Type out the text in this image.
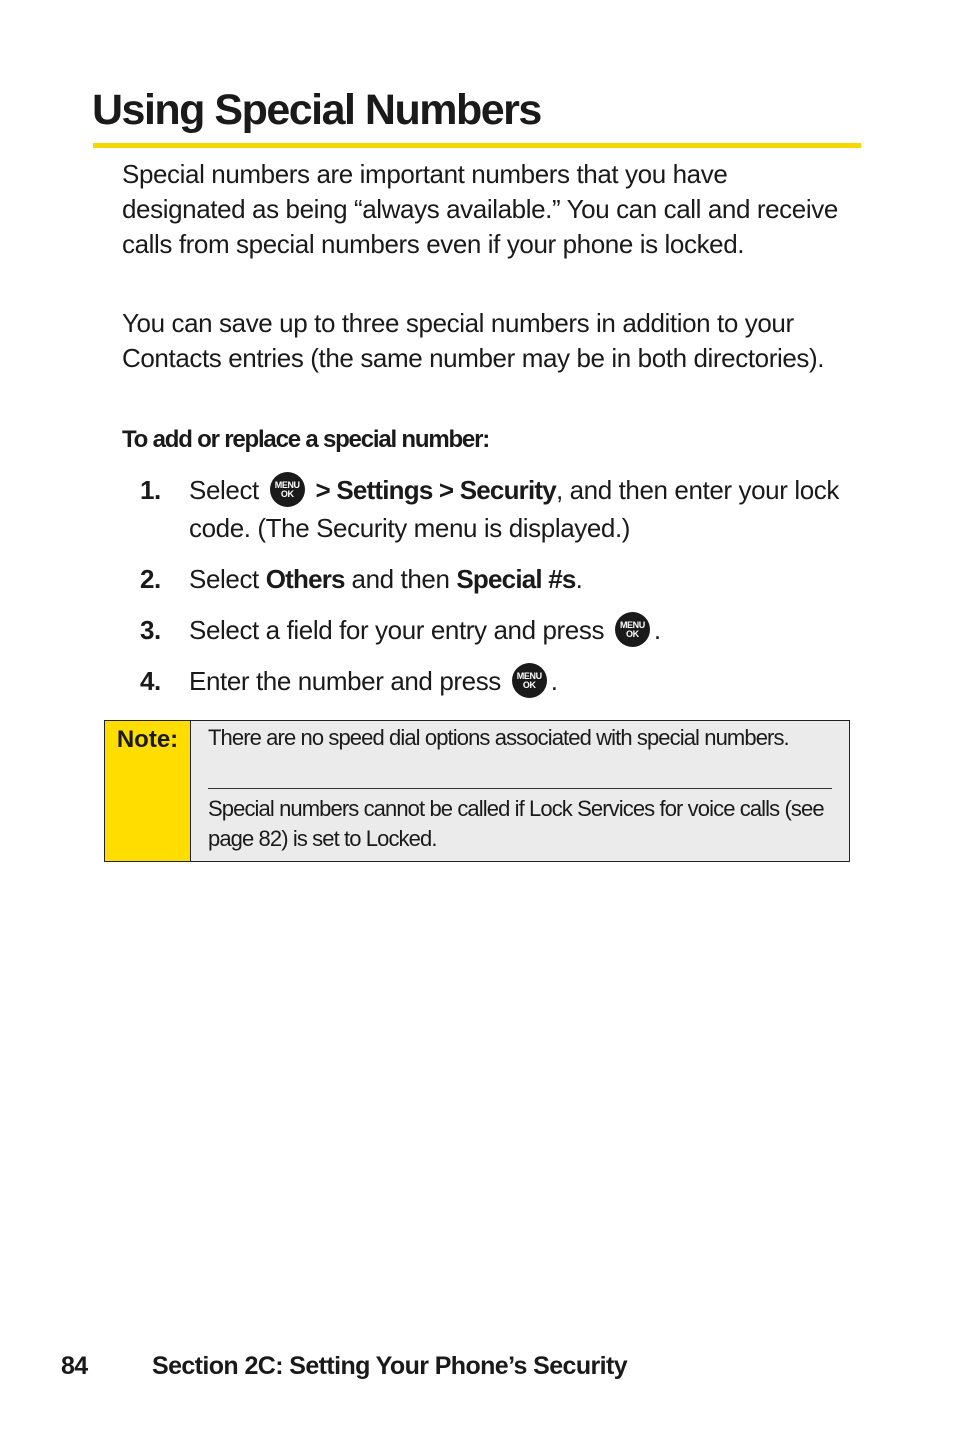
Using Special Numbers

Special numbers are important numbers that you have designated as being “always available.” You can call and receive calls from special numbers even if your phone is locked.

You can save up to three special numbers in addition to your Contacts entries (the same number may be in both directories).

To add or replace a special number:

1.	Select	MENU
OK > Settings > Security, and then enter your lock code. (The Security menu is displayed.)
2.	Select Others and then Special #s.
3.	Select a field for your entry and press	MENU
OK .
4.	Enter the number and press	MENU
OK .
Note:	There are no speed dial options associated with special numbers.

Special numbers cannot be called if Lock Services for voice calls (see page 82) is set to Locked.

84	Section 2C: Setting Your Phone’s Security
